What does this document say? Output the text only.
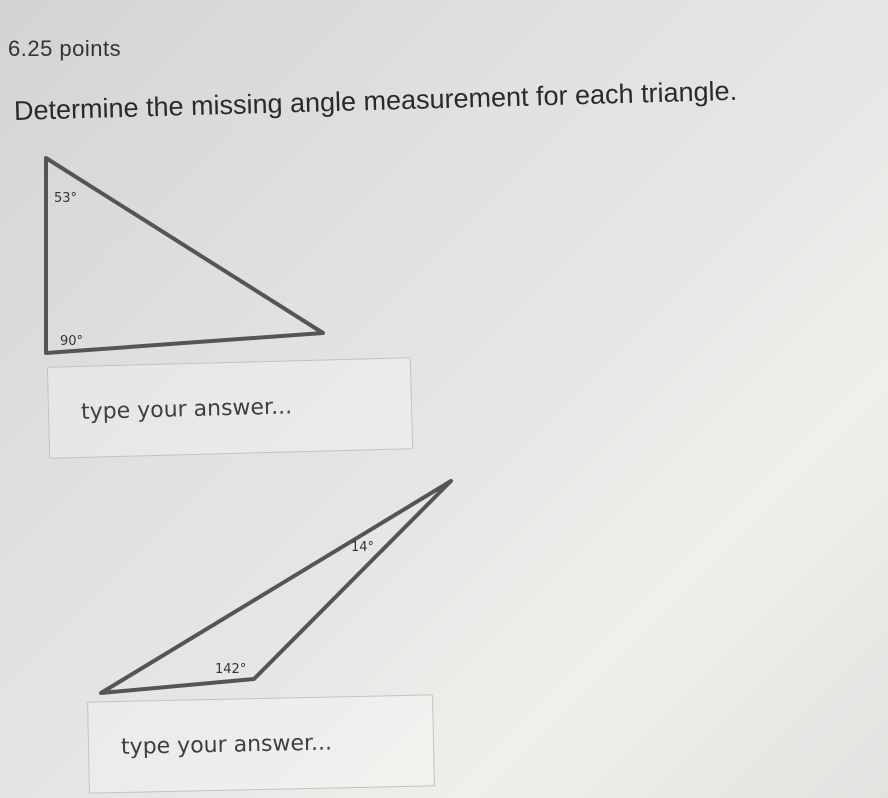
6.25 points
Determine the missing angle measurement for each triangle.
53°
90°
type your answer...
14°
142°
type your answer...
